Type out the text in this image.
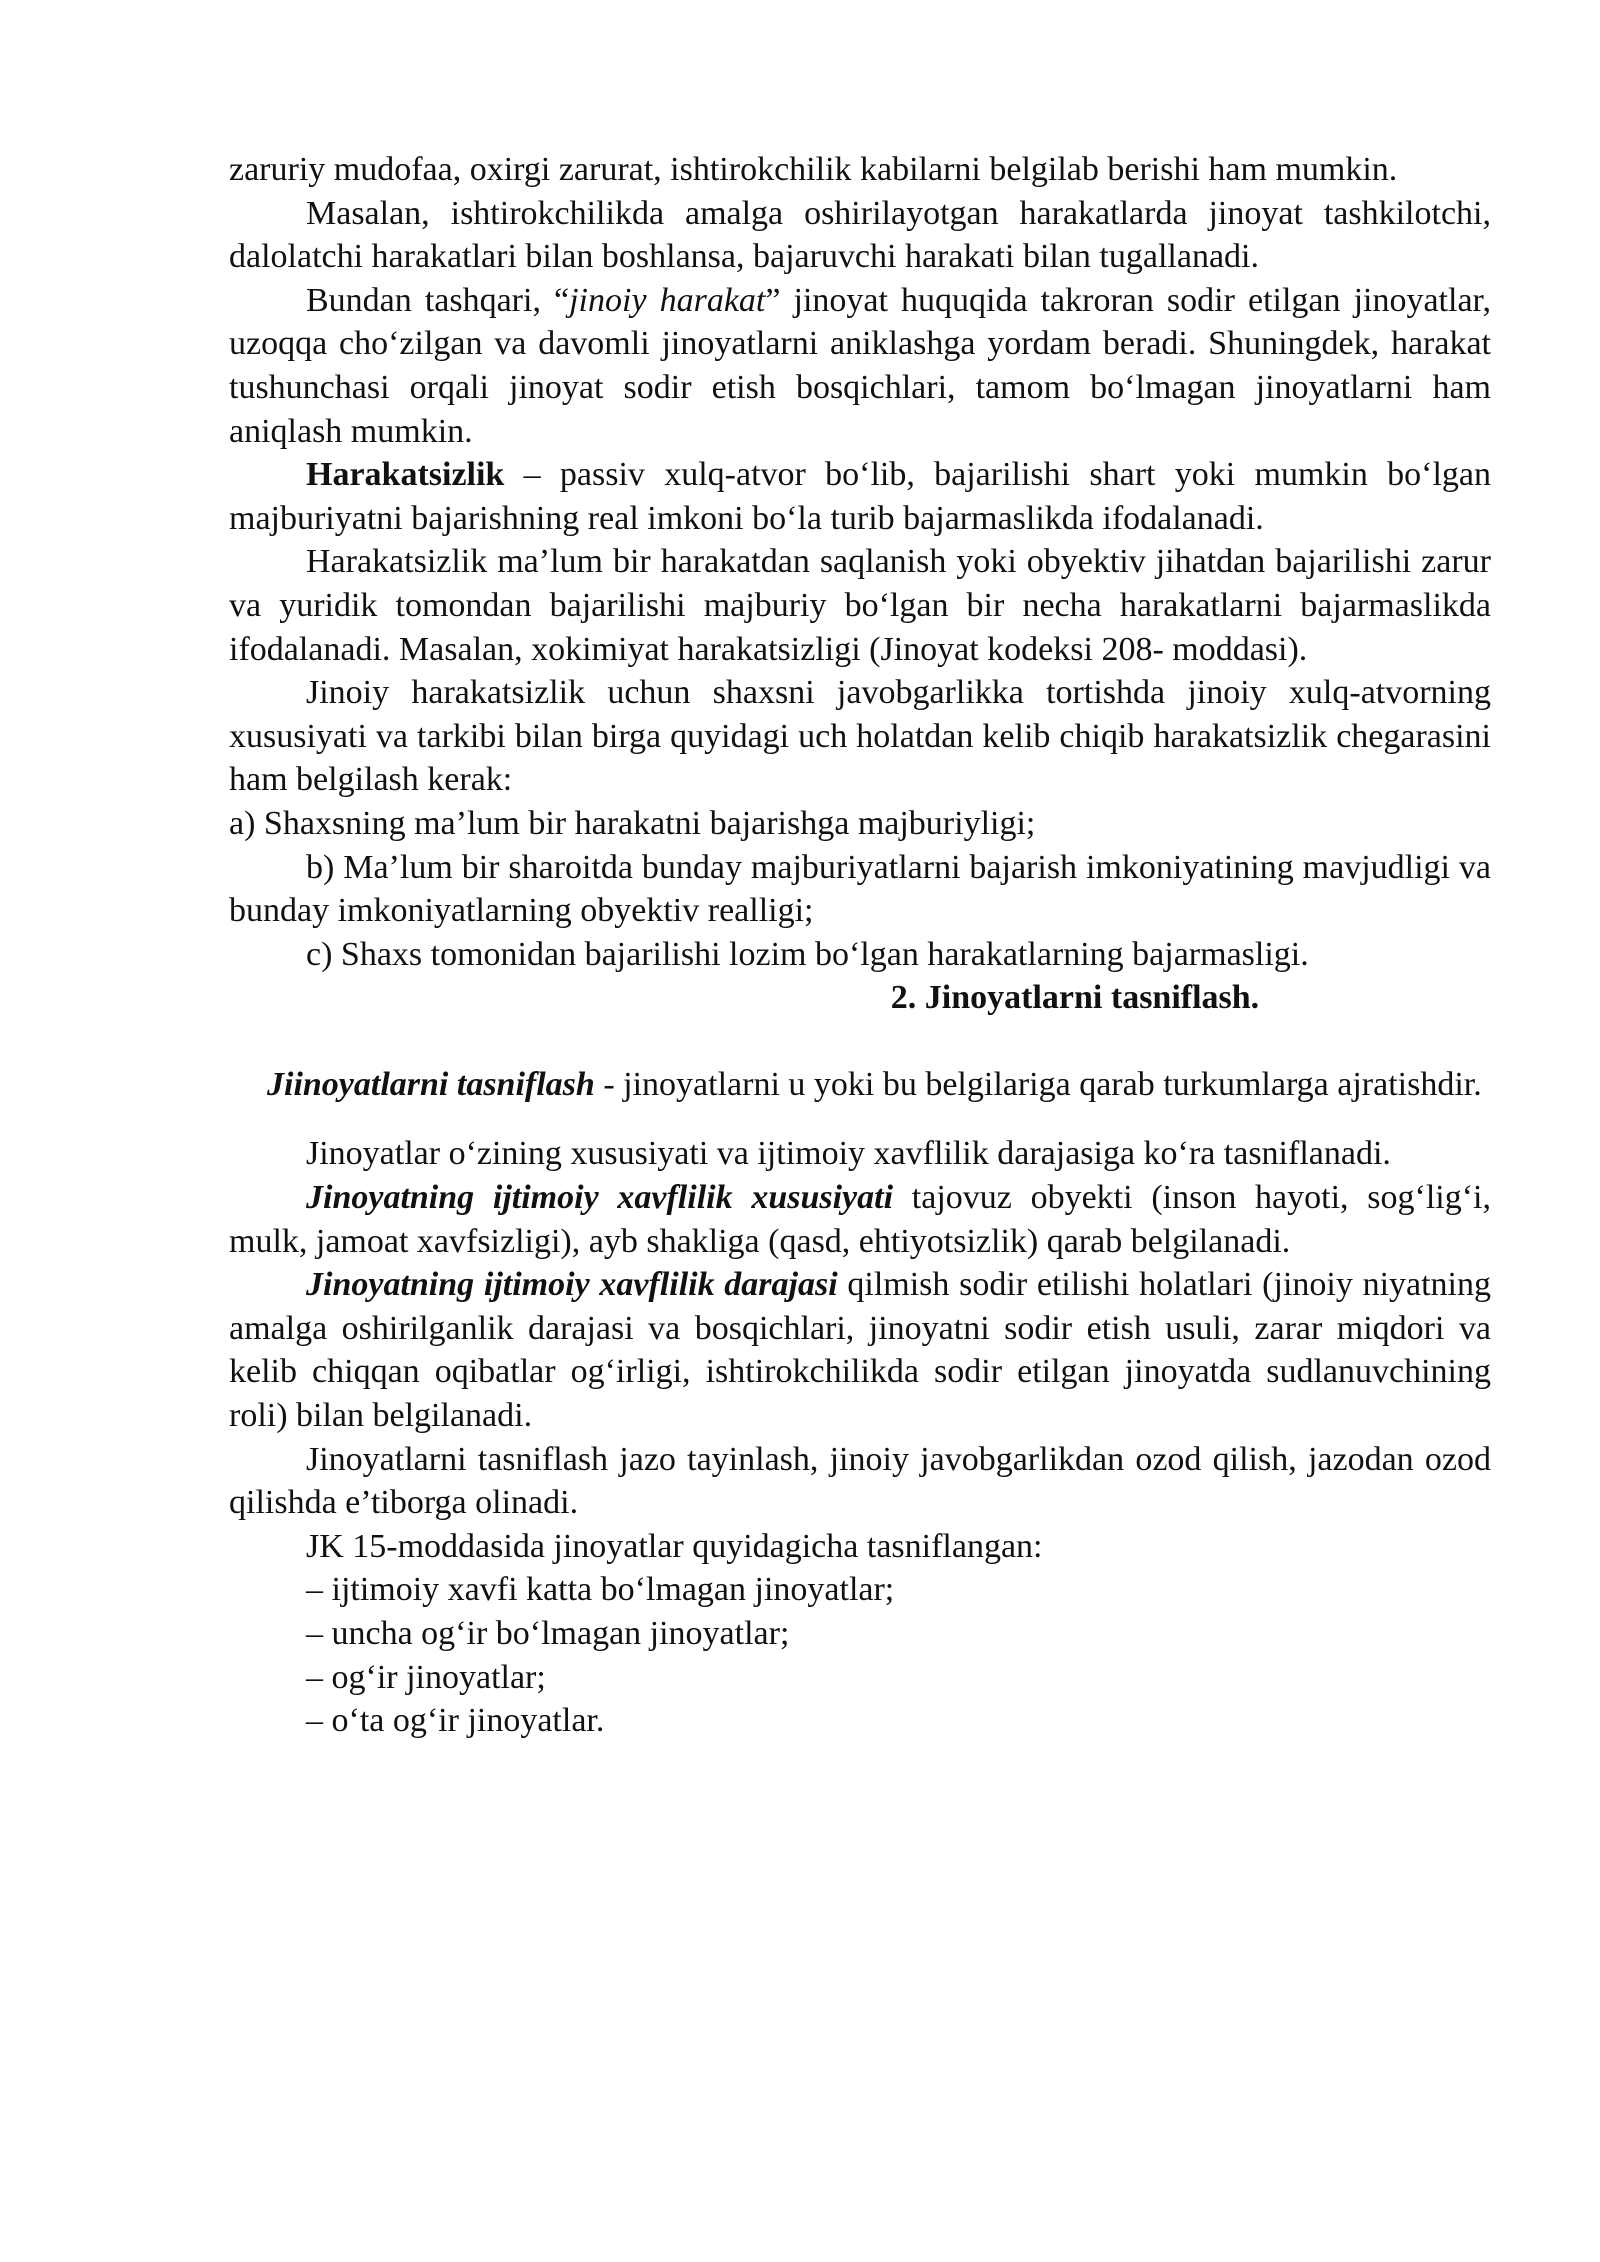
zaruriy mudofaa, oxirgi zarurat, ishtirokchilik kabilarni belgilab berishi ham mumkin.

Masalan, ishtirokchilikda amalga oshirilayotgan harakatlarda jinoyat tashkilotchi, dalolatchi harakatlari bilan boshlansa, bajaruvchi harakati bilan tugallanadi.

Bundan tashqari, “jinoiy harakat” jinoyat huquqida takroran sodir etilgan jinoyatlar, uzoqqa cho‘zilgan va davomli jinoyatlarni aniklashga yordam beradi. Shuningdek, harakat tushunchasi orqali jinoyat sodir etish bosqichlari, tamom bo‘lmagan jinoyatlarni ham aniqlash mumkin.

Harakatsizlik – passiv xulq-atvor bo‘lib, bajarilishi shart yoki mumkin bo‘lgan majburiyatni bajarishning real imkoni bo‘la turib bajarmaslikda ifodalanadi.

Harakatsizlik ma’lum bir harakatdan saqlanish yoki obyektiv jihatdan bajarilishi zarur va yuridik tomondan bajarilishi majburiy bo‘lgan bir necha harakatlarni bajarmaslikda ifodalanadi. Masalan, xokimiyat harakatsizligi (Jinoyat kodeksi 208- moddasi).

Jinoiy harakatsizlik uchun shaxsni javobgarlikka tortishda jinoiy xulq-atvorning xususiyati va tarkibi bilan birga quyidagi uch holatdan kelib chiqib harakatsizlik chegarasini ham belgilash kerak:

a) Shaxsning ma’lum bir harakatni bajarishga majburiyligi;

b) Ma’lum bir sharoitda bunday majburiyatlarni bajarish imkoniyatining mavjudligi va bunday imkoniyatlarning obyektiv realligi;

c) Shaxs tomonidan bajarilishi lozim bo‘lgan harakatlarning bajarmasligi.

2. Jinoyatlarni tasniflash.

Jiinoyatlarni tasniflash - jinoyatlarni u yoki bu belgilariga qarab turkumlarga ajratishdir.

Jinoyatlar o‘zining xususiyati va ijtimoiy xavflilik darajasiga ko‘ra tasniflanadi.

Jinoyatning ijtimoiy xavflilik xususiyati tajovuz obyekti (inson hayoti, sog‘lig‘i, mulk, jamoat xavfsizligi), ayb shakliga (qasd, ehtiyotsizlik) qarab belgilanadi.

Jinoyatning ijtimoiy xavflilik darajasi qilmish sodir etilishi holatlari (jinoiy niyatning amalga oshirilganlik darajasi va bosqichlari, jinoyatni sodir etish usuli, zarar miqdori va kelib chiqqan oqibatlar og‘irligi, ishtirokchilikda sodir etilgan jinoyatda sudlanuvchining roli) bilan belgilanadi.

Jinoyatlarni tasniflash jazo tayinlash, jinoiy javobgarlikdan ozod qilish, jazodan ozod qilishda e’tiborga olinadi.

JK 15-moddasida jinoyatlar quyidagicha tasniflangan:

– ijtimoiy xavfi katta bo‘lmagan jinoyatlar;

– uncha og‘ir bo‘lmagan jinoyatlar;

– og‘ir jinoyatlar;

– o‘ta og‘ir jinoyatlar.
